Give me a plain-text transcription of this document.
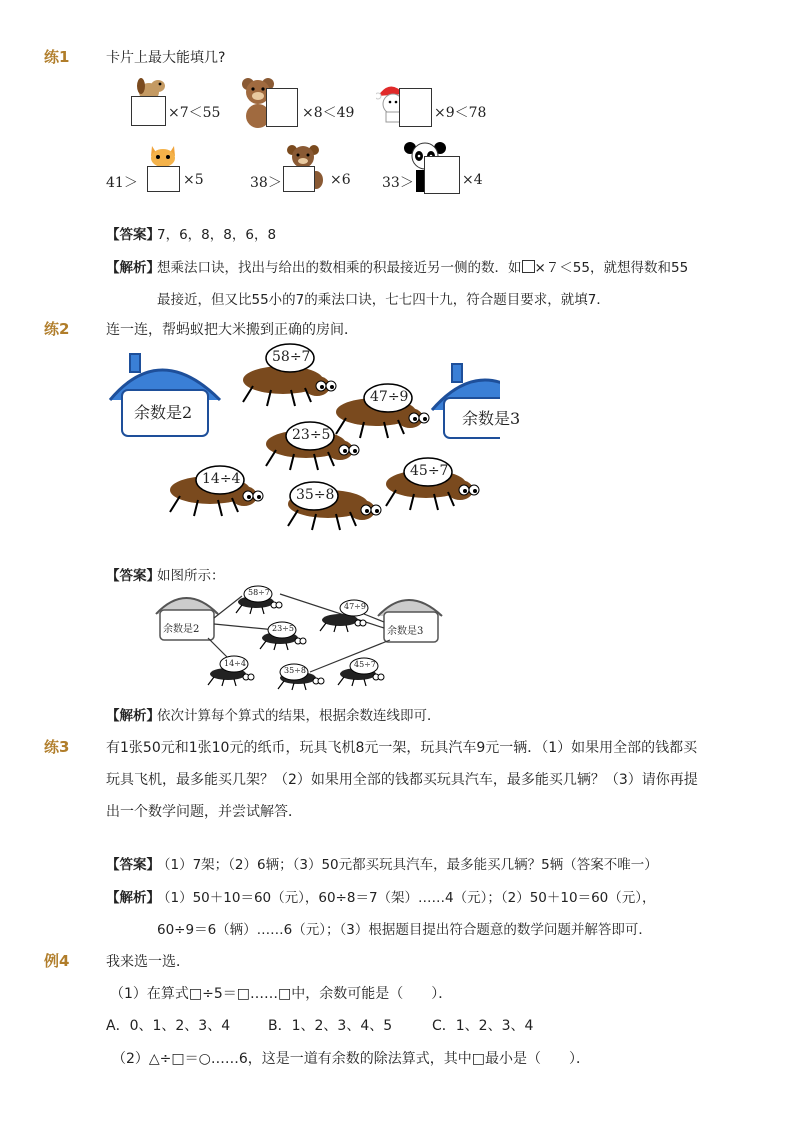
练1	卡片上最大能填几?
×7＜55	×8＜49	×9＜78
41＞	×5	38＞	×6 33＞	×4
【答案】
7，6，8，8，6，8
【解析】
想乘法口诀，找出与给出的数相乘的积最接近另一侧的数．如 ×７＜55，就想得数和55
最接近，但又比55小的7的乘法口诀，七七四十九，符合题目要求，就填7．
练2	连一连，帮蚂蚁把大米搬到正确的房间．
余数是2	余数是3
58÷7
47÷9
23÷5
14÷4
35÷8
45÷7
【答案】
如图所示：
余数是2	余数是3
58÷7
47÷9
23÷5
14÷4
35÷8
45÷7
【解析】
依次计算每个算式的结果，根据余数连线即可．
练3	有1张50元和1张10元的纸币，玩具飞机8元一架，玩具汽车9元一辆．（1）如果用全部的钱都买
玩具飞机，最多能买几架？（2）如果用全部的钱都买玩具汽车，最多能买几辆？（3）请你再提
出一个数学问题，并尝试解答．
【答案】
（1）7架；（2）6辆；（3）50元都买玩具汽车，最多能买几辆？5辆（答案不唯一）
【解析】
（1）50＋10＝60（元），60÷8＝7（架）……4（元）；（2）50＋10＝60（元），
60÷9＝6（辆）……6（元）；（3）根据题目提出符合题意的数学问题并解答即可．
例4	我来选一选．
（1）在算式□÷5＝□……□中，余数可能是（　　）．
A．0、1、2、3、4	B．1、2、3、4、5	C．1、2、3、4
（2）△÷□＝○……6，这是一道有余数的除法算式，其中□最小是（　　）．
